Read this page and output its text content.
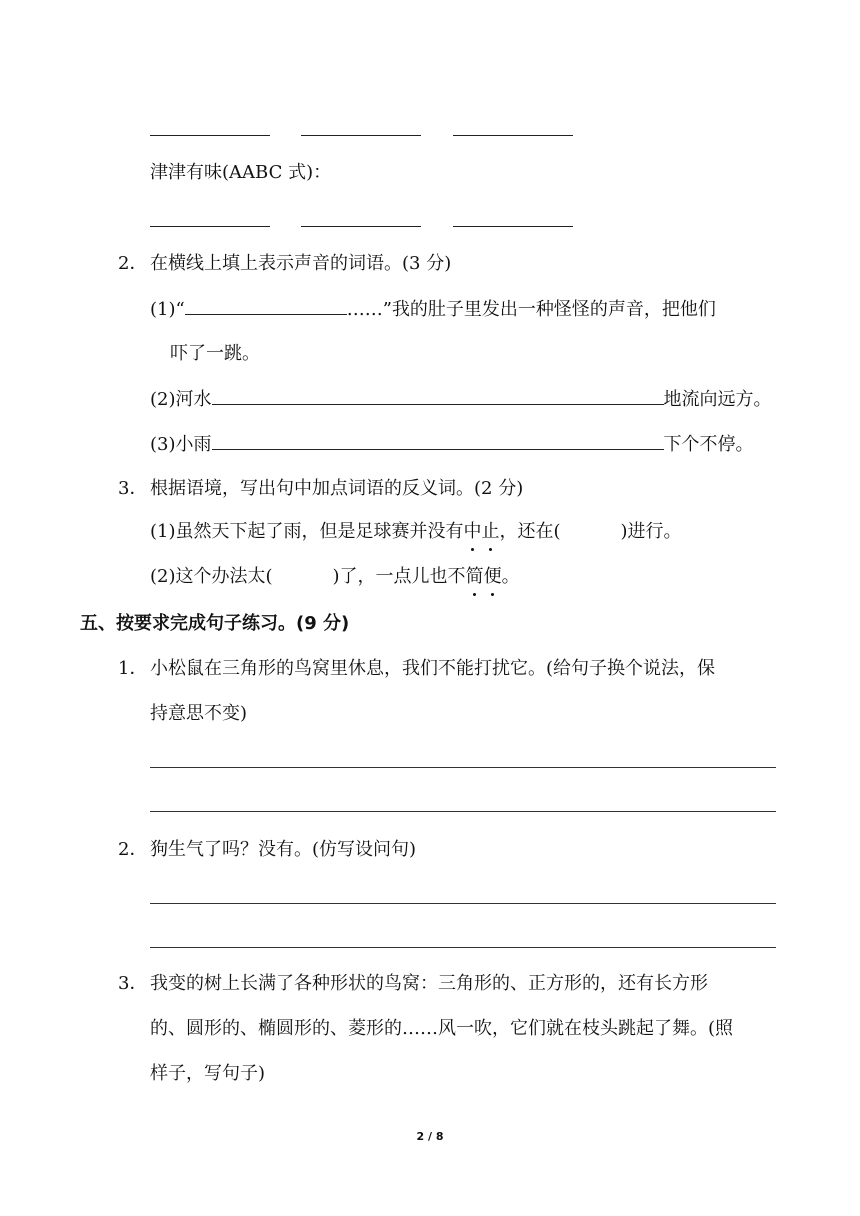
津津有味(AABC 式)：
2． 在横线上填上表示声音的词语。(3 分)
(1)“	……”我的肚子里发出一种怪怪的声音，把他们
吓了一跳。
(2)河水	地流向远方。
(3)小雨	下个不停。
3． 根据语境，写出句中加点词语的反义词。(2 分)
(1)虽然天下起了雨，但是足球赛并没有中止，还在(	)进行。
(2)这个办法太(	)了，一点儿也不简便。
五、按要求完成句子练习。(9 分)
1． 小松鼠在三角形的鸟窝里休息，我们不能打扰它。(给句子换个说法，保
持意思不变)
2． 狗生气了吗？没有。(仿写设问句)
3． 我变的树上长满了各种形状的鸟窝：三角形的、正方形的，还有长方形
的、圆形的、椭圆形的、菱形的……风一吹，它们就在枝头跳起了舞。(照
样子，写句子)
2 / 8
